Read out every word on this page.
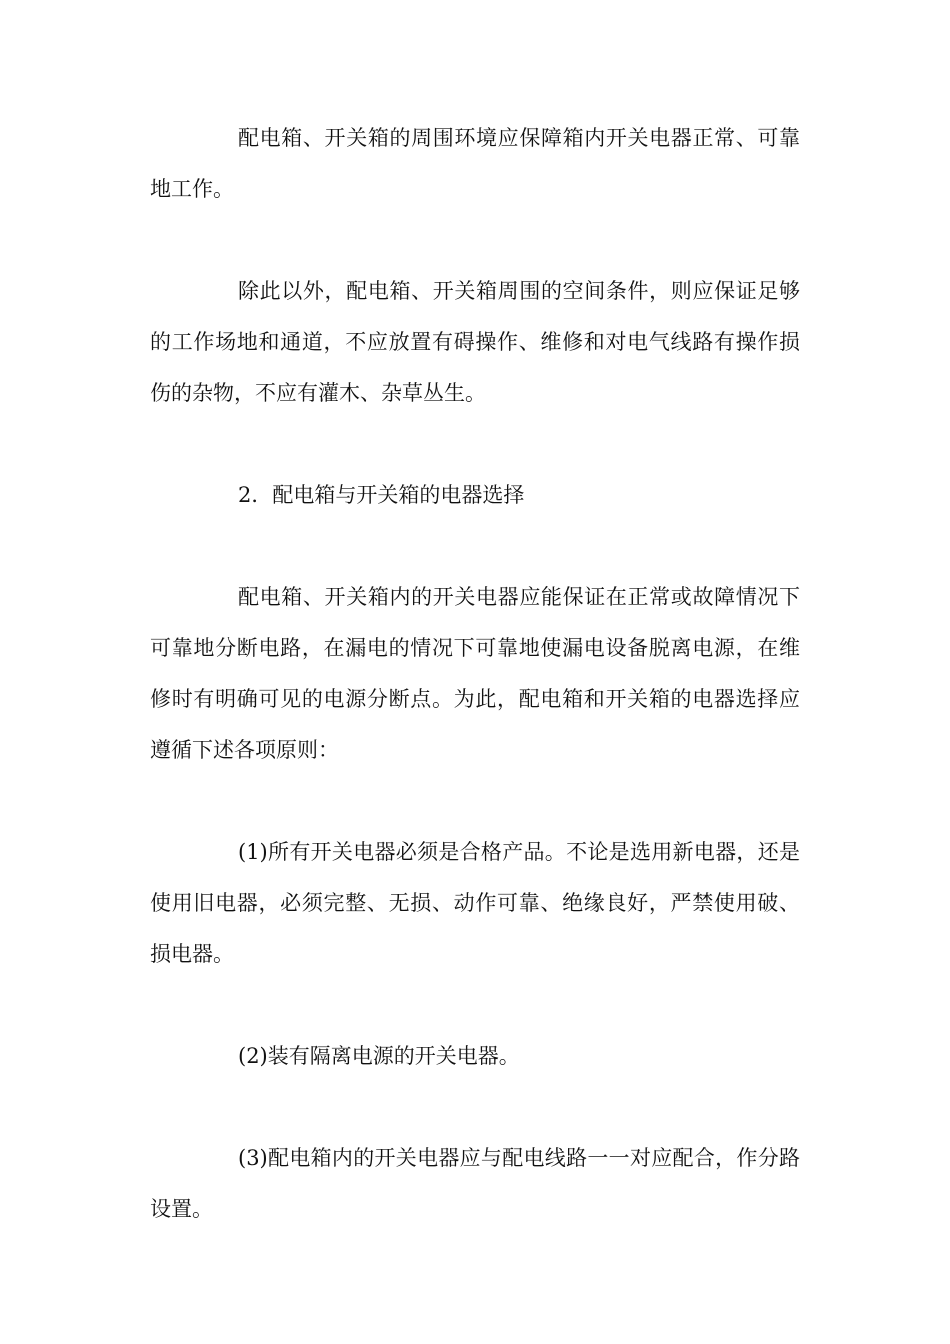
配电箱、开关箱的周围环境应保障箱内开关电器正常、可靠地工作。

除此以外，配电箱、开关箱周围的空间条件，则应保证足够的工作场地和通道，不应放置有碍操作、维修和对电气线路有操作损伤的杂物，不应有灌木、杂草丛生。

2．配电箱与开关箱的电器选择

配电箱、开关箱内的开关电器应能保证在正常或故障情况下可靠地分断电路，在漏电的情况下可靠地使漏电设备脱离电源，在维修时有明确可见的电源分断点。为此，配电箱和开关箱的电器选择应遵循下述各项原则：

(1)所有开关电器必须是合格产品。不论是选用新电器，还是使用旧电器，必须完整、无损、动作可靠、绝缘良好，严禁使用破、损电器。

(2)装有隔离电源的开关电器。

(3)配电箱内的开关电器应与配电线路一一对应配合，作分路设置。
